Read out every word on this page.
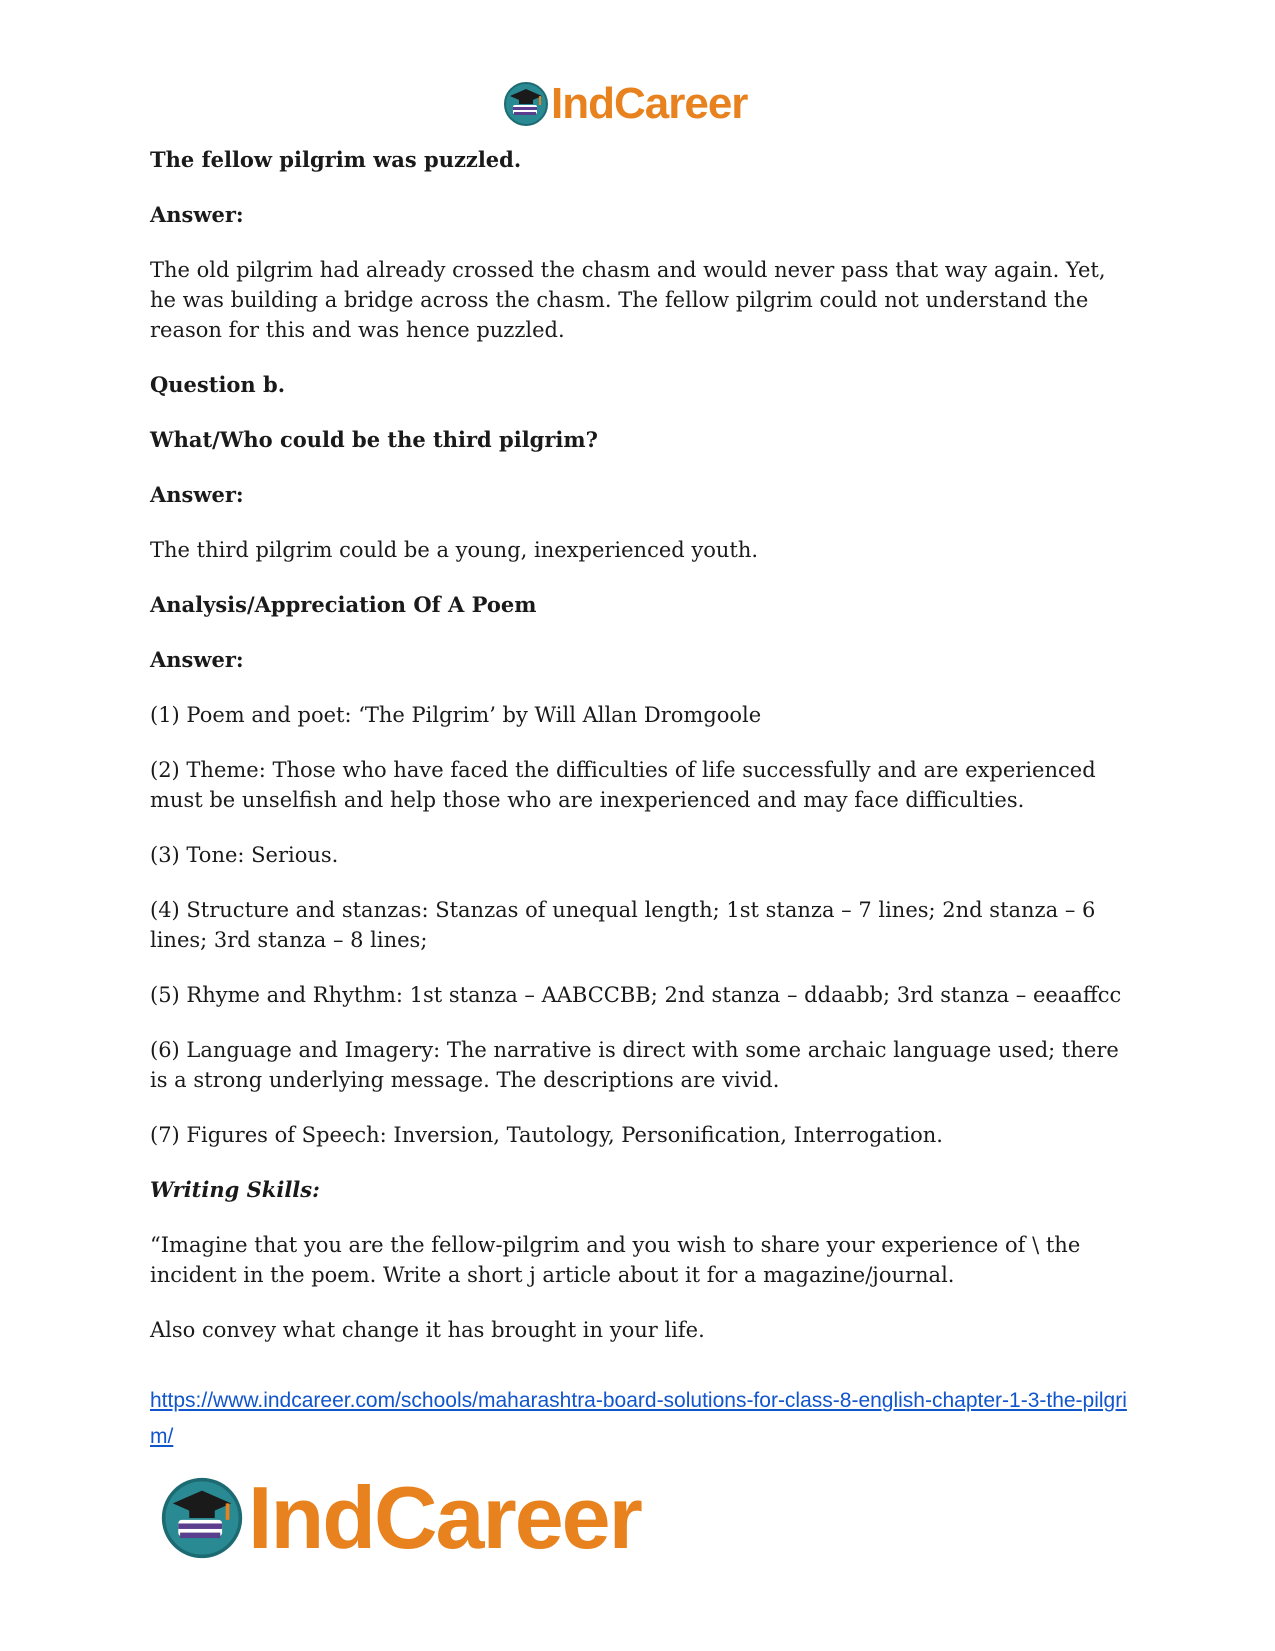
IndCareer

The fellow pilgrim was puzzled.

Answer:

The old pilgrim had already crossed the chasm and would never pass that way again. Yet, he was building a bridge across the chasm. The fellow pilgrim could not understand the reason for this and was hence puzzled.

Question b.

What/Who could be the third pilgrim?

Answer:

The third pilgrim could be a young, inexperienced youth.

Analysis/Appreciation Of A Poem

Answer:

(1) Poem and poet: ‘The Pilgrim’ by Will Allan Dromgoole

(2) Theme: Those who have faced the difficulties of life successfully and are experienced must be unselfish and help those who are inexperienced and may face difficulties.

(3) Tone: Serious.

(4) Structure and stanzas: Stanzas of unequal length; 1st stanza – 7 lines; 2nd stanza – 6 lines; 3rd stanza – 8 lines;

(5) Rhyme and Rhythm: 1st stanza – AABCCBB; 2nd stanza – ddaabb; 3rd stanza – eeaaffcc

(6) Language and Imagery: The narrative is direct with some archaic language used; there is a strong underlying message. The descriptions are vivid.

(7) Figures of Speech: Inversion, Tautology, Personification, Interrogation.

Writing Skills:

“Imagine that you are the fellow-pilgrim and you wish to share your experience of \ the incident in the poem. Write a short j article about it for a magazine/journal.

Also convey what change it has brought in your life.

https://www.indcareer.com/schools/maharashtra-board-solutions-for-class-8-english-chapter-1-3-the-pilgrim/
IndCareer
